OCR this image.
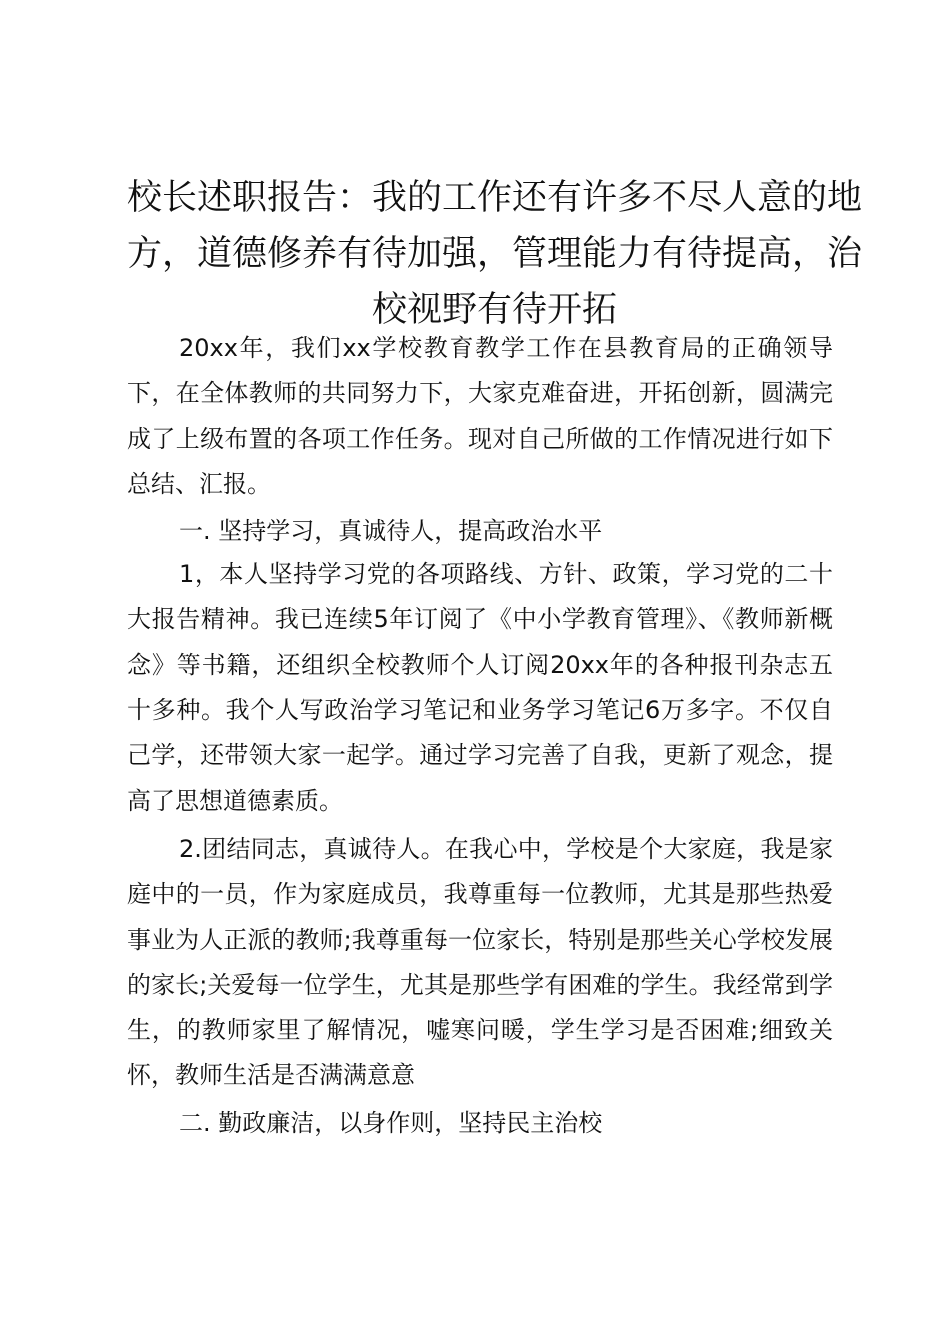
校长述职报告：我的工作还有许多不尽人意的地方，道德修养有待加强，管理能力有待提高，治校视野有待开拓

20xx年，我们xx学校教育教学工作在县教育局的正确领导下，在全体教师的共同努力下，大家克难奋进，开拓创新，圆满完成了上级布置的各项工作任务。现对自己所做的工作情况进行如下总结、汇报。

一. 坚持学习，真诚待人，提高政治水平

1，本人坚持学习党的各项路线、方针、政策，学习党的二十大报告精神。我已连续5年订阅了《中小学教育管理》、《教师新概念》等书籍，还组织全校教师个人订阅20xx年的各种报刊杂志五十多种。我个人写政治学习笔记和业务学习笔记6万多字。不仅自己学，还带领大家一起学。通过学习完善了自我，更新了观念，提高了思想道德素质。

2.团结同志，真诚待人。在我心中，学校是个大家庭，我是家庭中的一员，作为家庭成员，我尊重每一位教师，尤其是那些热爱事业为人正派的教师;我尊重每一位家长，特别是那些关心学校发展的家长;关爱每一位学生，尤其是那些学有困难的学生。我经常到学生，的教师家里了解情况，嘘寒问暖，学生学习是否困难;细致关怀，教师生活是否满满意意

二. 勤政廉洁，以身作则，坚持民主治校
